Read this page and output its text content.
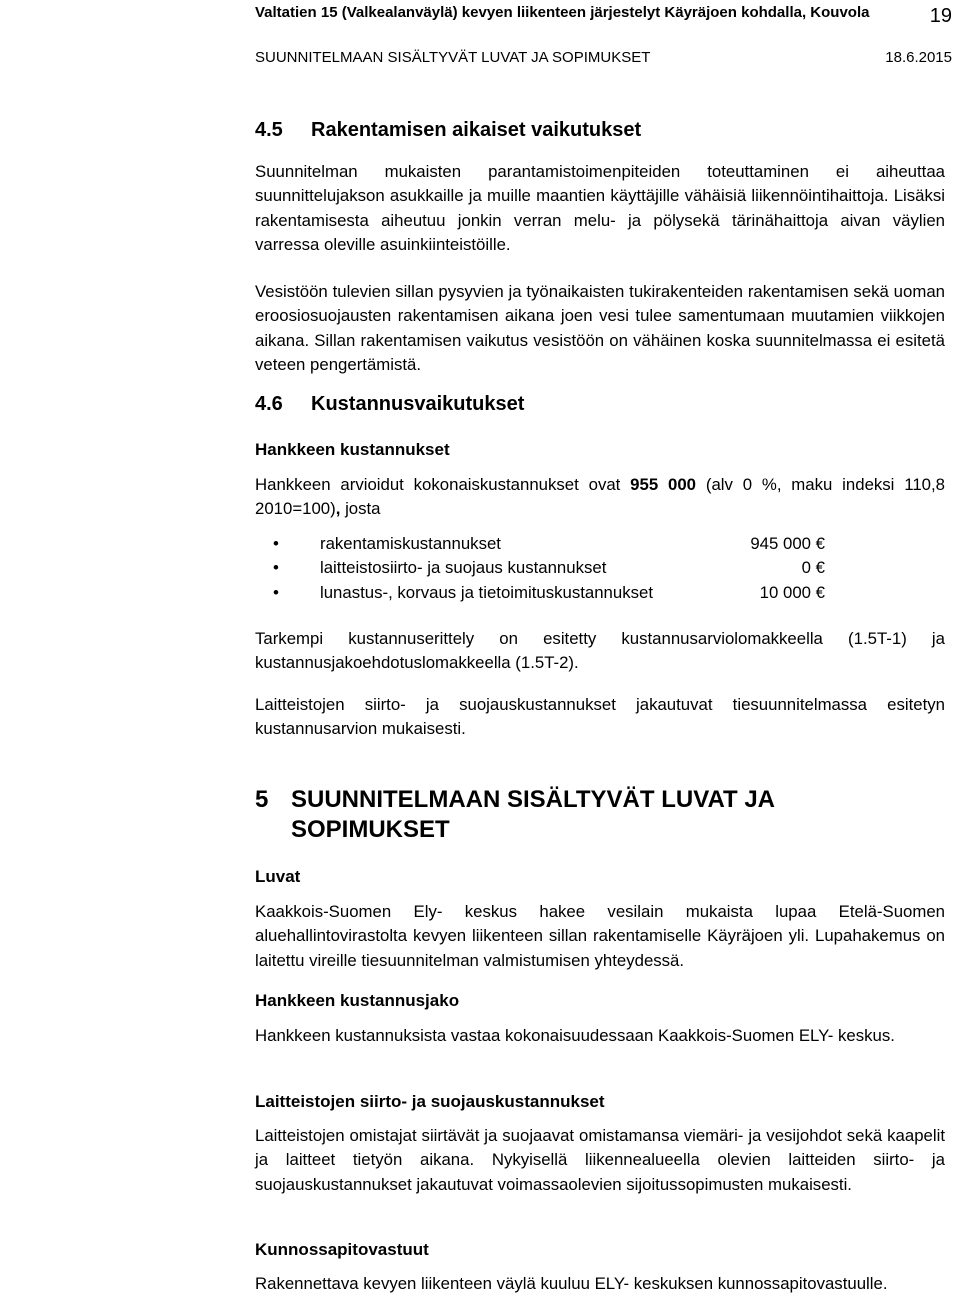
Valtatien 15 (Valkealanväylä) kevyen liikenteen järjestelyt Käyräjoen kohdalla, Kouvola	19
SUUNNITELMAAN SISÄLTYVÄT LUVAT JA SOPIMUKSET	18.6.2015
4.5 Rakentamisen aikaiset vaikutukset

Suunnitelman mukaisten parantamistoimenpiteiden toteuttaminen ei aiheuttaa suunnittelujakson asukkaille ja muille maantien käyttäjille vähäisiä liikennöintihaittoja. Lisäksi rakentamisesta aiheutuu jonkin verran melu- ja pölysekä tärinähaittoja aivan väylien varressa oleville asuinkiinteistöille.

Vesistöön tulevien sillan pysyvien ja työnaikaisten tukirakenteiden rakentamisen sekä uoman eroosiosuojausten rakentamisen aikana joen vesi tulee samentumaan muutamien viikkojen aikana. Sillan rakentamisen vaikutus vesistöön on vähäinen koska suunnitelmassa ei esitetä veteen pengertämistä.

4.6 Kustannusvaikutukset
Hankkeen kustannukset

Hankkeen arvioidut kokonaiskustannukset ovat 955 000 (alv 0 %, maku indeksi 110,8 2010=100), josta

• rakentamiskustannukset	945 000 €
• laitteistosiirto- ja suojaus kustannukset	0 €
• lunastus-, korvaus ja tietoimituskustannukset	10 000 €

Tarkempi kustannuserittely on esitetty kustannusarviolomakkeella (1.5T-1) ja kustannusjakoehdotuslomakkeella (1.5T-2).

Laitteistojen siirto- ja suojauskustannukset jakautuvat tiesuunnitelmassa esitetyn kustannusarvion mukaisesti.

5 SUUNNITELMAAN SISÄLTYVÄT LUVAT JA
SOPIMUKSET
Luvat

Kaakkois-Suomen Ely- keskus hakee vesilain mukaista lupaa Etelä-Suomen aluehallintovirastolta kevyen liikenteen sillan rakentamiselle Käyräjoen yli. Lupahakemus on laitettu vireille tiesuunnitelman valmistumisen yhteydessä.

Hankkeen kustannusjako

Hankkeen kustannuksista vastaa kokonaisuudessaan Kaakkois-Suomen ELY- keskus.

Laitteistojen siirto- ja suojauskustannukset

Laitteistojen omistajat siirtävät ja suojaavat omistamansa viemäri- ja vesijohdot sekä kaapelit ja laitteet tietyön aikana. Nykyisellä liikennealueella olevien laitteiden siirto- ja suojauskustannukset jakautuvat voimassaolevien sijoitussopimusten mukaisesti.

Kunnossapitovastuut

Rakennettava kevyen liikenteen väylä kuuluu ELY- keskuksen kunnossapitovastuulle.
